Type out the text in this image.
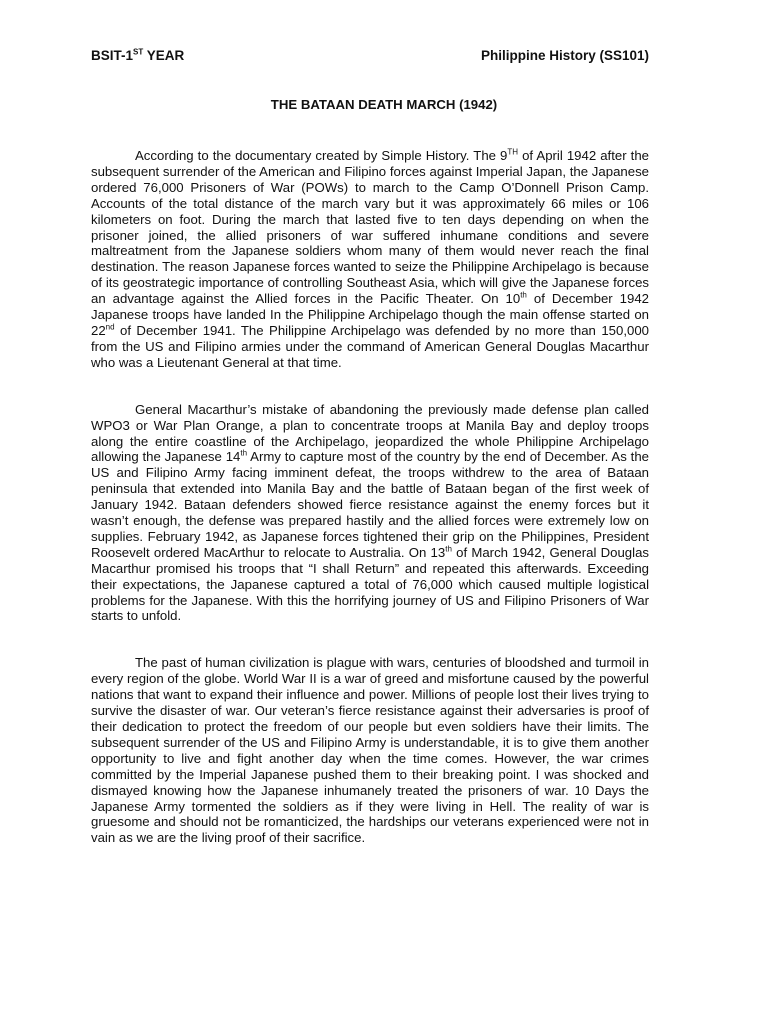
BSIT-1ST YEAR	Philippine History (SS101)
THE BATAAN DEATH MARCH (1942)

According to the documentary created by Simple History. The 9TH of April 1942 after the subsequent surrender of the American and Filipino forces against Imperial Japan, the Japanese ordered 76,000 Prisoners of War (POWs) to march to the Camp O’Donnell Prison Camp. Accounts of the total distance of the march vary but it was approximately 66 miles or 106 kilometers on foot. During the march that lasted five to ten days depending on when the prisoner joined, the allied prisoners of war suffered inhumane conditions and severe maltreatment from the Japanese soldiers whom many of them would never reach the final destination. The reason Japanese forces wanted to seize the Philippine Archipelago is because of its geostrategic importance of controlling Southeast Asia, which will give the Japanese forces an advantage against the Allied forces in the Pacific Theater. On 10th of December 1942 Japanese troops have landed In the Philippine Archipelago though the main offense started on 22nd of December 1941. The Philippine Archipelago was defended by no more than 150,000 from the US and Filipino armies under the command of American General Douglas Macarthur who was a Lieutenant General at that time.

General Macarthur’s mistake of abandoning the previously made defense plan called WPO3 or War Plan Orange, a plan to concentrate troops at Manila Bay and deploy troops along the entire coastline of the Archipelago, jeopardized the whole Philippine Archipelago allowing the Japanese 14th Army to capture most of the country by the end of December. As the US and Filipino Army facing imminent defeat, the troops withdrew to the area of Bataan peninsula that extended into Manila Bay and the battle of Bataan began of the first week of January 1942. Bataan defenders showed fierce resistance against the enemy forces but it wasn’t enough, the defense was prepared hastily and the allied forces were extremely low on supplies. February 1942, as Japanese forces tightened their grip on the Philippines, President Roosevelt ordered MacArthur to relocate to Australia. On 13th of March 1942, General Douglas Macarthur promised his troops that “I shall Return” and repeated this afterwards. Exceeding their expectations, the Japanese captured a total of 76,000 which caused multiple logistical problems for the Japanese. With this the horrifying journey of US and Filipino Prisoners of War starts to unfold.

The past of human civilization is plague with wars, centuries of bloodshed and turmoil in every region of the globe. World War II is a war of greed and misfortune caused by the powerful nations that want to expand their influence and power. Millions of people lost their lives trying to survive the disaster of war. Our veteran’s fierce resistance against their adversaries is proof of their dedication to protect the freedom of our people but even soldiers have their limits. The subsequent surrender of the US and Filipino Army is understandable, it is to give them another opportunity to live and fight another day when the time comes. However, the war crimes committed by the Imperial Japanese pushed them to their breaking point. I was shocked and dismayed knowing how the Japanese inhumanely treated the prisoners of war. 10 Days the Japanese Army tormented the soldiers as if they were living in Hell. The reality of war is gruesome and should not be romanticized, the hardships our veterans experienced were not in vain as we are the living proof of their sacrifice.
